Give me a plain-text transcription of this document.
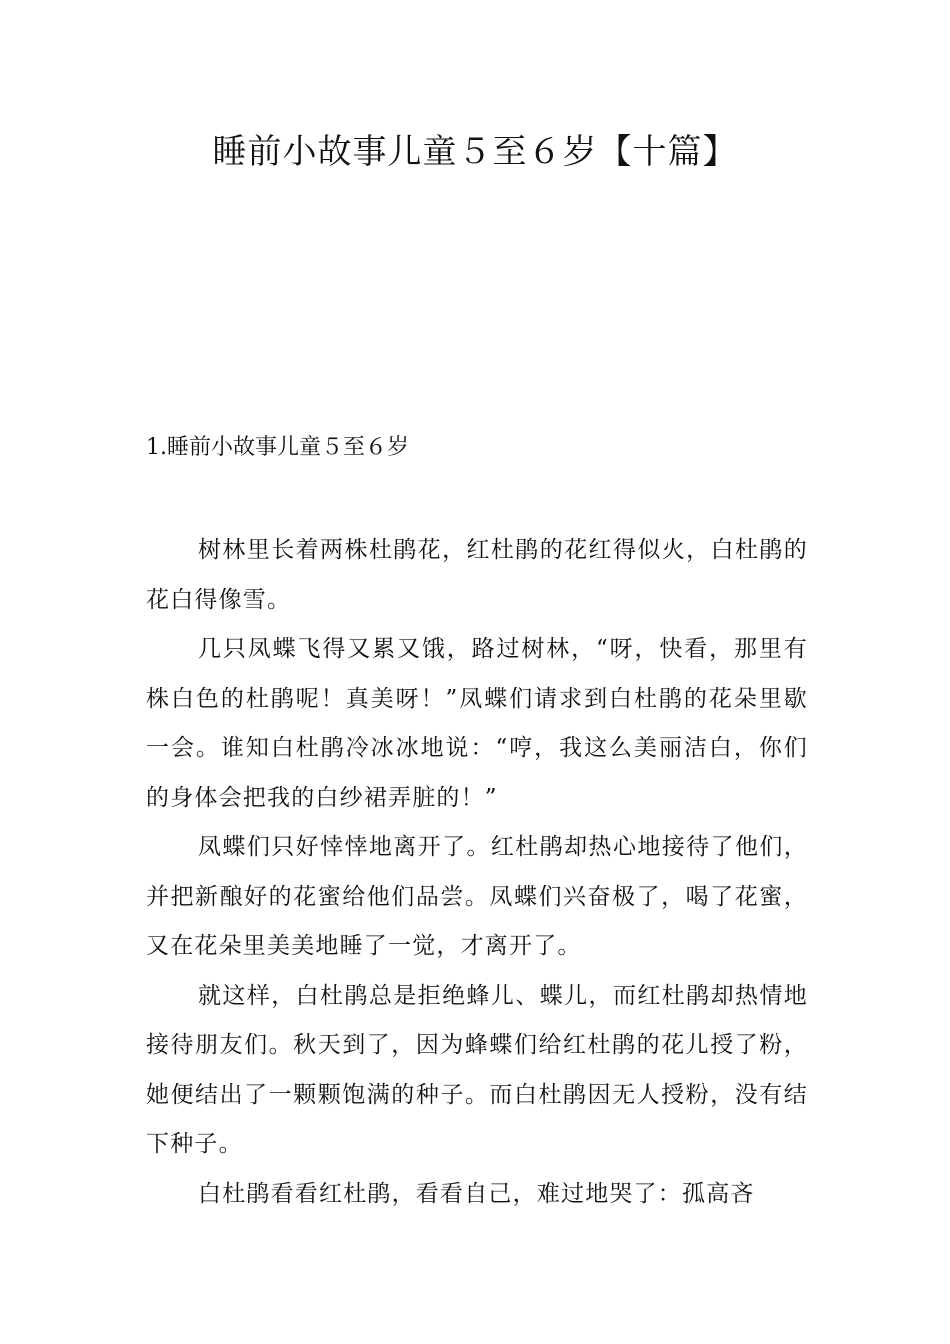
睡前小故事儿童５至６岁【十篇】
1.睡前小故事儿童５至６岁

树林里长着两株杜鹃花，红杜鹃的花红得似火，白杜鹃的花白得像雪。

几只凤蝶飞得又累又饿，路过树林，“呀，快看，那里有株白色的杜鹃呢！真美呀！”凤蝶们请求到白杜鹃的花朵里歇一会。谁知白杜鹃冷冰冰地说：“哼，我这么美丽洁白，你们的身体会把我的白纱裙弄脏的！”

凤蝶们只好悻悻地离开了。红杜鹃却热心地接待了他们，并把新酿好的花蜜给他们品尝。凤蝶们兴奋极了，喝了花蜜，又在花朵里美美地睡了一觉，才离开了。

就这样，白杜鹃总是拒绝蜂儿、蝶儿，而红杜鹃却热情地接待朋友们。秋天到了，因为蜂蝶们给红杜鹃的花儿授了粉，她便结出了一颗颗饱满的种子。而白杜鹃因无人授粉，没有结下种子。

白杜鹃看看红杜鹃，看看自己，难过地哭了：孤高吝
